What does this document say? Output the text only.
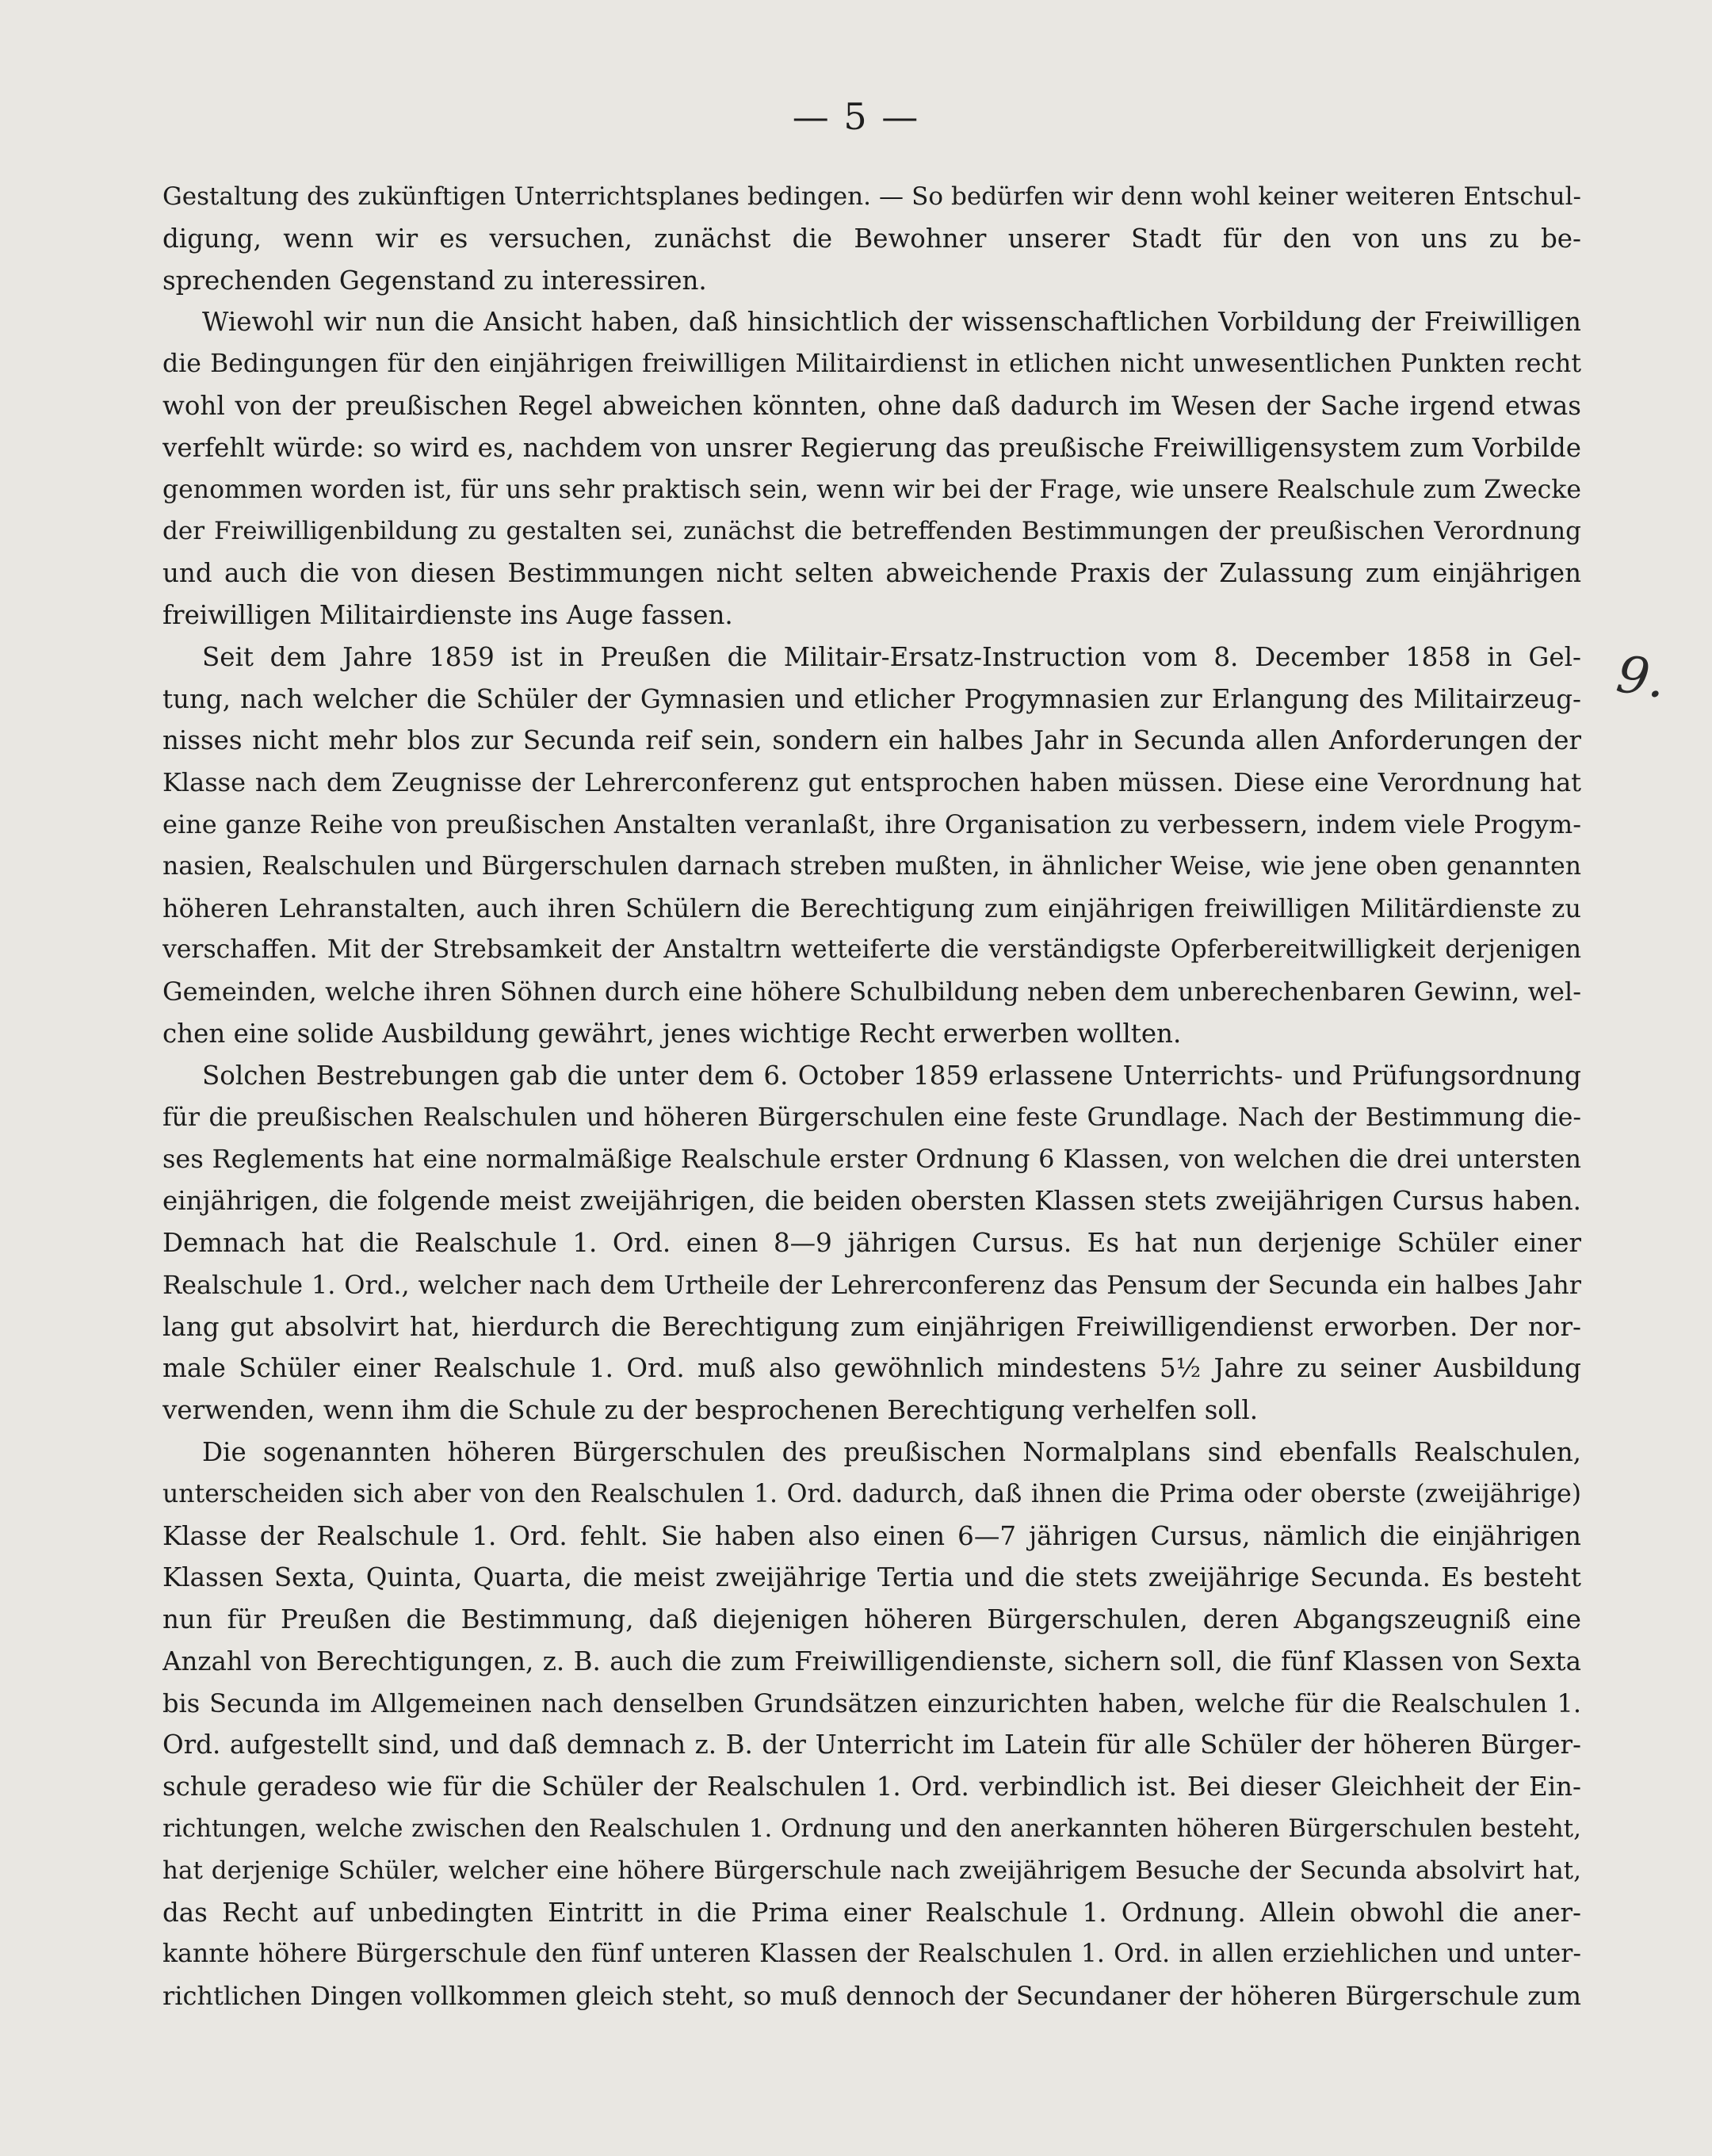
— 5 —
9.
Gestaltung des zukünftigen Unterrichtsplanes bedingen. — So bedürfen wir denn wohl keiner weiteren Entschul-
digung, wenn wir es versuchen, zunächst die Bewohner unserer Stadt für den von uns zu be-
sprechenden Gegenstand zu interessiren.
Wiewohl wir nun die Ansicht haben, daß hinsichtlich der wissenschaftlichen Vorbildung der Freiwilligen
die Bedingungen für den einjährigen freiwilligen Militairdienst in etlichen nicht unwesentlichen Punkten recht
wohl von der preußischen Regel abweichen könnten, ohne daß dadurch im Wesen der Sache irgend etwas
verfehlt würde: so wird es, nachdem von unsrer Regierung das preußische Freiwilligensystem zum Vorbilde
genommen worden ist, für uns sehr praktisch sein, wenn wir bei der Frage, wie unsere Realschule zum Zwecke
der Freiwilligenbildung zu gestalten sei, zunächst die betreffenden Bestimmungen der preußischen Verordnung
und auch die von diesen Bestimmungen nicht selten abweichende Praxis der Zulassung zum einjährigen
freiwilligen Militairdienste ins Auge fassen.
Seit dem Jahre 1859 ist in Preußen die Militair-Ersatz-Instruction vom 8. December 1858 in Gel-
tung, nach welcher die Schüler der Gymnasien und etlicher Progymnasien zur Erlangung des Militairzeug-
nisses nicht mehr blos zur Secunda reif sein, sondern ein halbes Jahr in Secunda allen Anforderungen der
Klasse nach dem Zeugnisse der Lehrerconferenz gut entsprochen haben müssen. Diese eine Verordnung hat
eine ganze Reihe von preußischen Anstalten veranlaßt, ihre Organisation zu verbessern, indem viele Progym-
nasien, Realschulen und Bürgerschulen darnach streben mußten, in ähnlicher Weise, wie jene oben genannten
höheren Lehranstalten, auch ihren Schülern die Berechtigung zum einjährigen freiwilligen Militärdienste zu
verschaffen. Mit der Strebsamkeit der Anstaltrn wetteiferte die verständigste Opferbereitwilligkeit derjenigen
Gemeinden, welche ihren Söhnen durch eine höhere Schulbildung neben dem unberechenbaren Gewinn, wel-
chen eine solide Ausbildung gewährt, jenes wichtige Recht erwerben wollten.
Solchen Bestrebungen gab die unter dem 6. October 1859 erlassene Unterrichts- und Prüfungsordnung
für die preußischen Realschulen und höheren Bürgerschulen eine feste Grundlage. Nach der Bestimmung die-
ses Reglements hat eine normalmäßige Realschule erster Ordnung 6 Klassen, von welchen die drei untersten
einjährigen, die folgende meist zweijährigen, die beiden obersten Klassen stets zweijährigen Cursus haben.
Demnach hat die Realschule 1. Ord. einen 8—9 jährigen Cursus. Es hat nun derjenige Schüler einer
Realschule 1. Ord., welcher nach dem Urtheile der Lehrerconferenz das Pensum der Secunda ein halbes Jahr
lang gut absolvirt hat, hierdurch die Berechtigung zum einjährigen Freiwilligendienst erworben. Der nor-
male Schüler einer Realschule 1. Ord. muß also gewöhnlich mindestens 5½ Jahre zu seiner Ausbildung
verwenden, wenn ihm die Schule zu der besprochenen Berechtigung verhelfen soll.
Die sogenannten höheren Bürgerschulen des preußischen Normalplans sind ebenfalls Realschulen,
unterscheiden sich aber von den Realschulen 1. Ord. dadurch, daß ihnen die Prima oder oberste (zweijährige)
Klasse der Realschule 1. Ord. fehlt. Sie haben also einen 6—7 jährigen Cursus, nämlich die einjährigen
Klassen Sexta, Quinta, Quarta, die meist zweijährige Tertia und die stets zweijährige Secunda. Es besteht
nun für Preußen die Bestimmung, daß diejenigen höheren Bürgerschulen, deren Abgangszeugniß eine
Anzahl von Berechtigungen, z. B. auch die zum Freiwilligendienste, sichern soll, die fünf Klassen von Sexta
bis Secunda im Allgemeinen nach denselben Grundsätzen einzurichten haben, welche für die Realschulen 1.
Ord. aufgestellt sind, und daß demnach z. B. der Unterricht im Latein für alle Schüler der höheren Bürger-
schule geradeso wie für die Schüler der Realschulen 1. Ord. verbindlich ist. Bei dieser Gleichheit der Ein-
richtungen, welche zwischen den Realschulen 1. Ordnung und den anerkannten höheren Bürgerschulen besteht,
hat derjenige Schüler, welcher eine höhere Bürgerschule nach zweijährigem Besuche der Secunda absolvirt hat,
das Recht auf unbedingten Eintritt in die Prima einer Realschule 1. Ordnung. Allein obwohl die aner-
kannte höhere Bürgerschule den fünf unteren Klassen der Realschulen 1. Ord. in allen erziehlichen und unter-
richtlichen Dingen vollkommen gleich steht, so muß dennoch der Secundaner der höheren Bürgerschule zum
